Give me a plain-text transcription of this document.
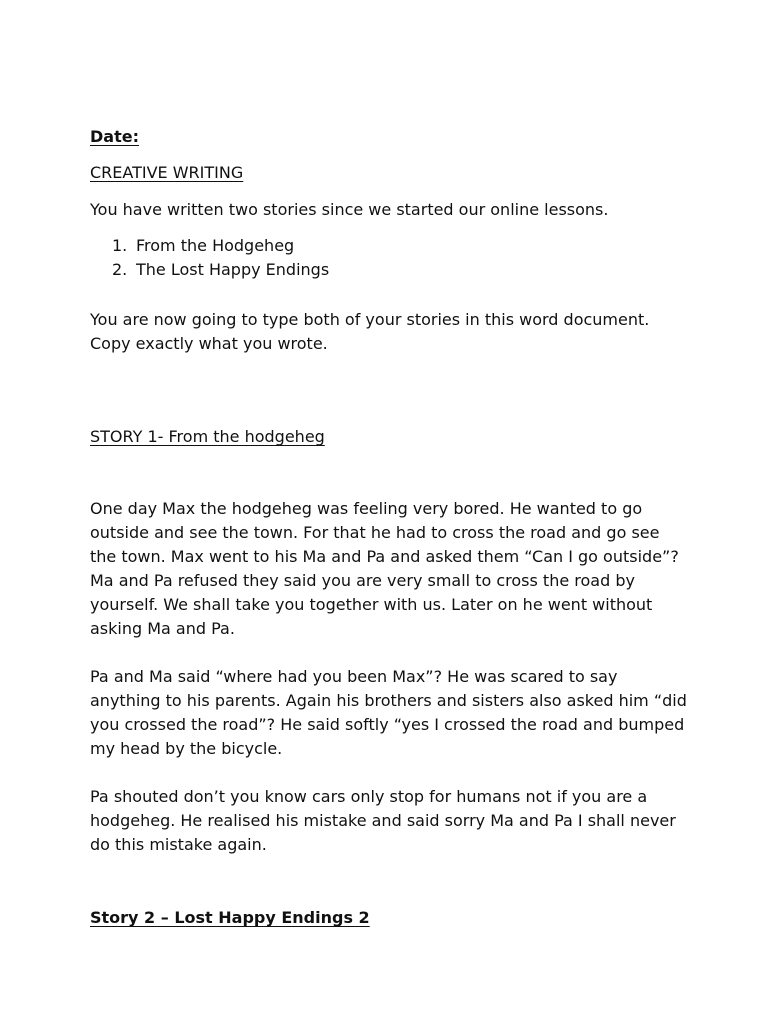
Date:
CREATIVE WRITING
You have written two stories since we started our online lessons.
1. From the Hodgeheg
2. The Lost Happy Endings
You are now going to type both of your stories in this word document.
Copy exactly what you wrote.
STORY 1- From the hodgeheg
One day Max the hodgeheg was feeling very bored. He wanted to go
outside and see the town. For that he had to cross the road and go see
the town. Max went to his Ma and Pa and asked them “Can I go outside”?
Ma and Pa refused they said you are very small to cross the road by
yourself. We shall take you together with us. Later on he went without
asking Ma and Pa.
Pa and Ma said “where had you been Max”? He was scared to say
anything to his parents. Again his brothers and sisters also asked him “did
you crossed the road”? He said softly “yes I crossed the road and bumped
my head by the bicycle.
Pa shouted don’t you know cars only stop for humans not if you are a
hodgeheg. He realised his mistake and said sorry Ma and Pa I shall never
do this mistake again.
Story 2 – Lost Happy Endings 2
